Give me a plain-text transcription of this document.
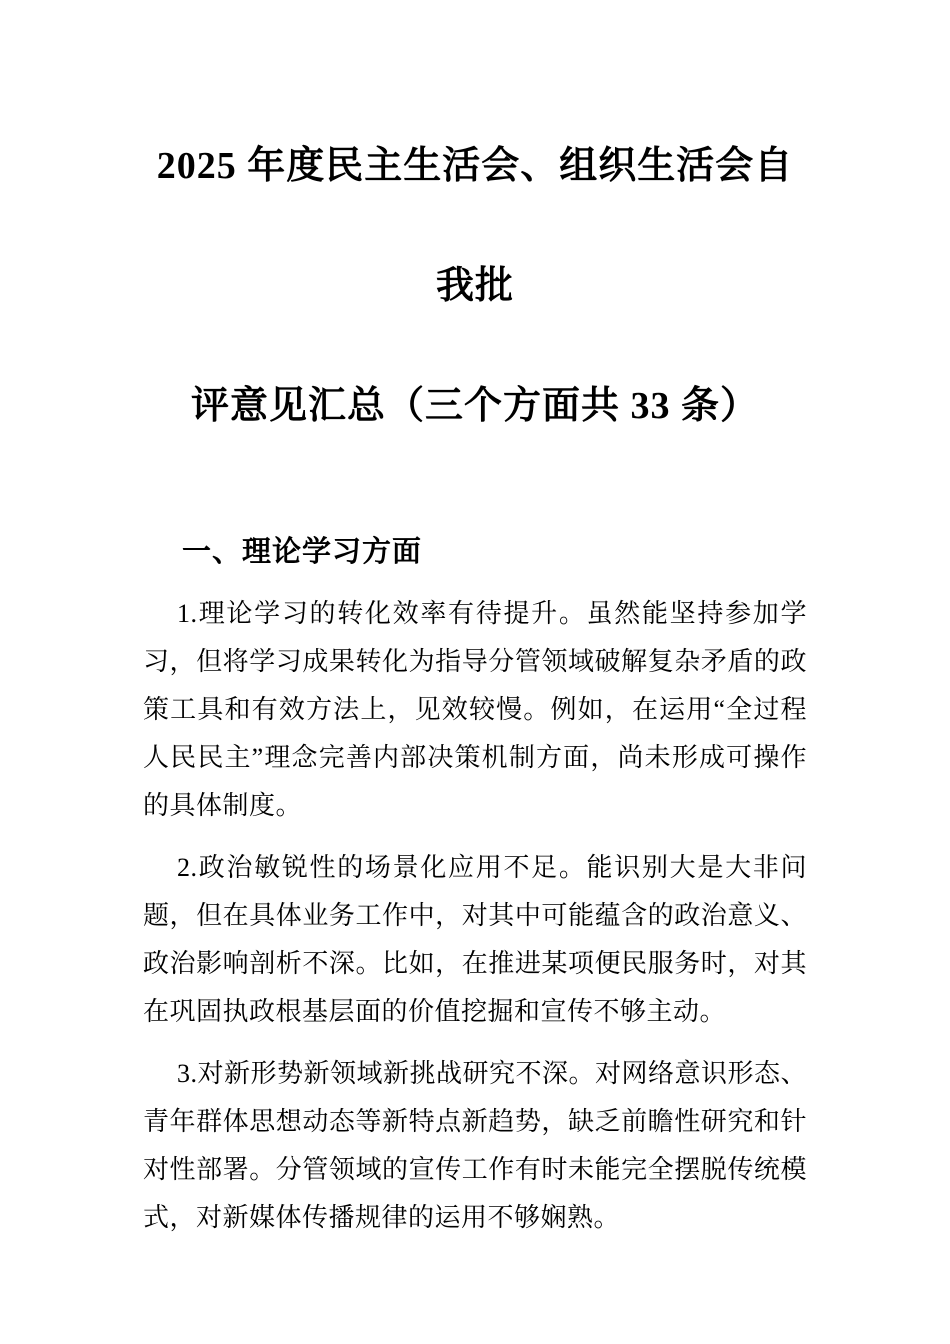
2025 年度民主生活会、组织生活会自我批
评意见汇总（三个方面共 33 条）
一、理论学习方面

1.理论学习的转化效率有待提升。虽然能坚持参加学习，但将学习成果转化为指导分管领域破解复杂矛盾的政策工具和有效方法上，见效较慢。例如，在运用“全过程人民民主”理念完善内部决策机制方面，尚未形成可操作的具体制度。

2.政治敏锐性的场景化应用不足。能识别大是大非问题，但在具体业务工作中，对其中可能蕴含的政治意义、政治影响剖析不深。比如，在推进某项便民服务时，对其在巩固执政根基层面的价值挖掘和宣传不够主动。

3.对新形势新领域新挑战研究不深。对网络意识形态、青年群体思想动态等新特点新趋势，缺乏前瞻性研究和针对性部署。分管领域的宣传工作有时未能完全摆脱传统模式，对新媒体传播规律的运用不够娴熟。
